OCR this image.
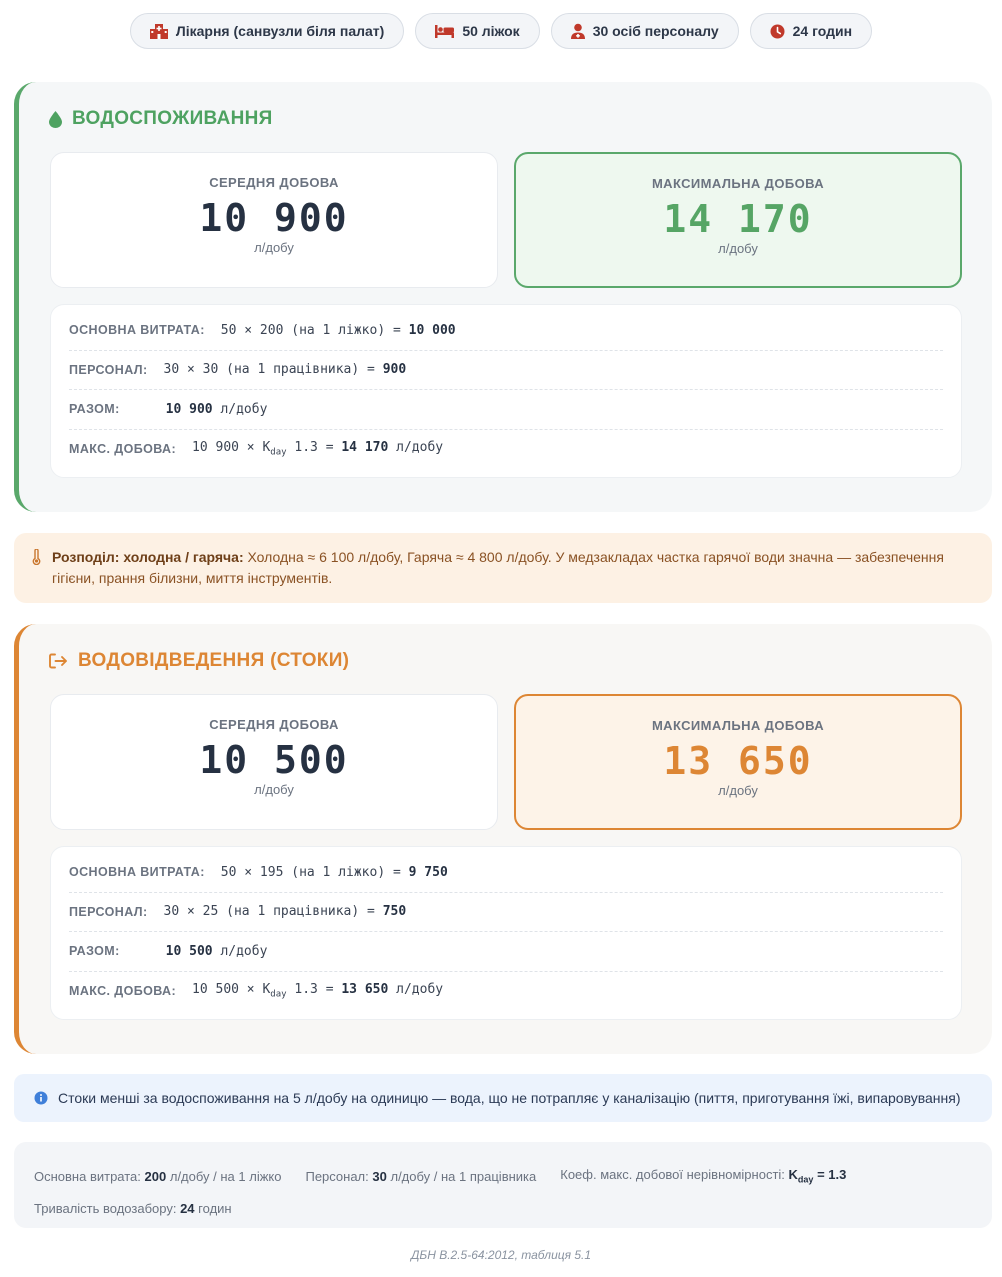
Лікарня (санвузли біля палат)	50 ліжок	30 осіб персоналу	24 годин
ВОДОСПОЖИВАННЯ
СЕРЕДНЯ ДОБОВА
10 900
л/добу
МАКСИМАЛЬНА ДОБОВА
14 170
л/добу
ОСНОВНА ВИТРАТА: 50 × 200 (на 1 ліжко) = 10 000
ПЕРСОНАЛ: 30 × 30 (на 1 працівника) = 900
РАЗОМ:	10 900 л/добу
МАКС. ДОБОВА: 10 $900 \times K_{day}$ 1.3 = 14 170 л/добу
Розподіл: холодна / гаряча: Холодна ≈ 6 100 л/добу, Гаряча ≈ 4 800 л/добу. У медзакладах частка гарячої води значна — забезпечення гігієни, прання білизни, миття інструментів.
ВОДОВІДВЕДЕННЯ (СТОКИ)
СЕРЕДНЯ ДОБОВА
10 500
л/добу
МАКСИМАЛЬНА ДОБОВА
13 650
л/добу
ОСНОВНА ВИТРАТА: 50 × 195 (на 1 ліжко) = 9 750
ПЕРСОНАЛ: 30 × 25 (на 1 працівника) = 750
РАЗОМ:	10 500 л/добу
МАКС. ДОБОВА: 10 $500 \times K_{day}$ 1.3 = 13 650 л/добу
Стоки менші за водоспоживання на 5 л/добу на одиницю — вода, що не потрапляє у каналізацію (пиття, приготування їжі, випаровування)
Основна витрата: 200 л/добу / на 1 ліжко Персонал: 30 л/добу / на 1 працівника Коеф. макс. добової нерівномірності: $K_{day} = 1.3$
Тривалість водозабору: 24 годин
ДБН В.2.5-64:2012, таблиця 5.1
